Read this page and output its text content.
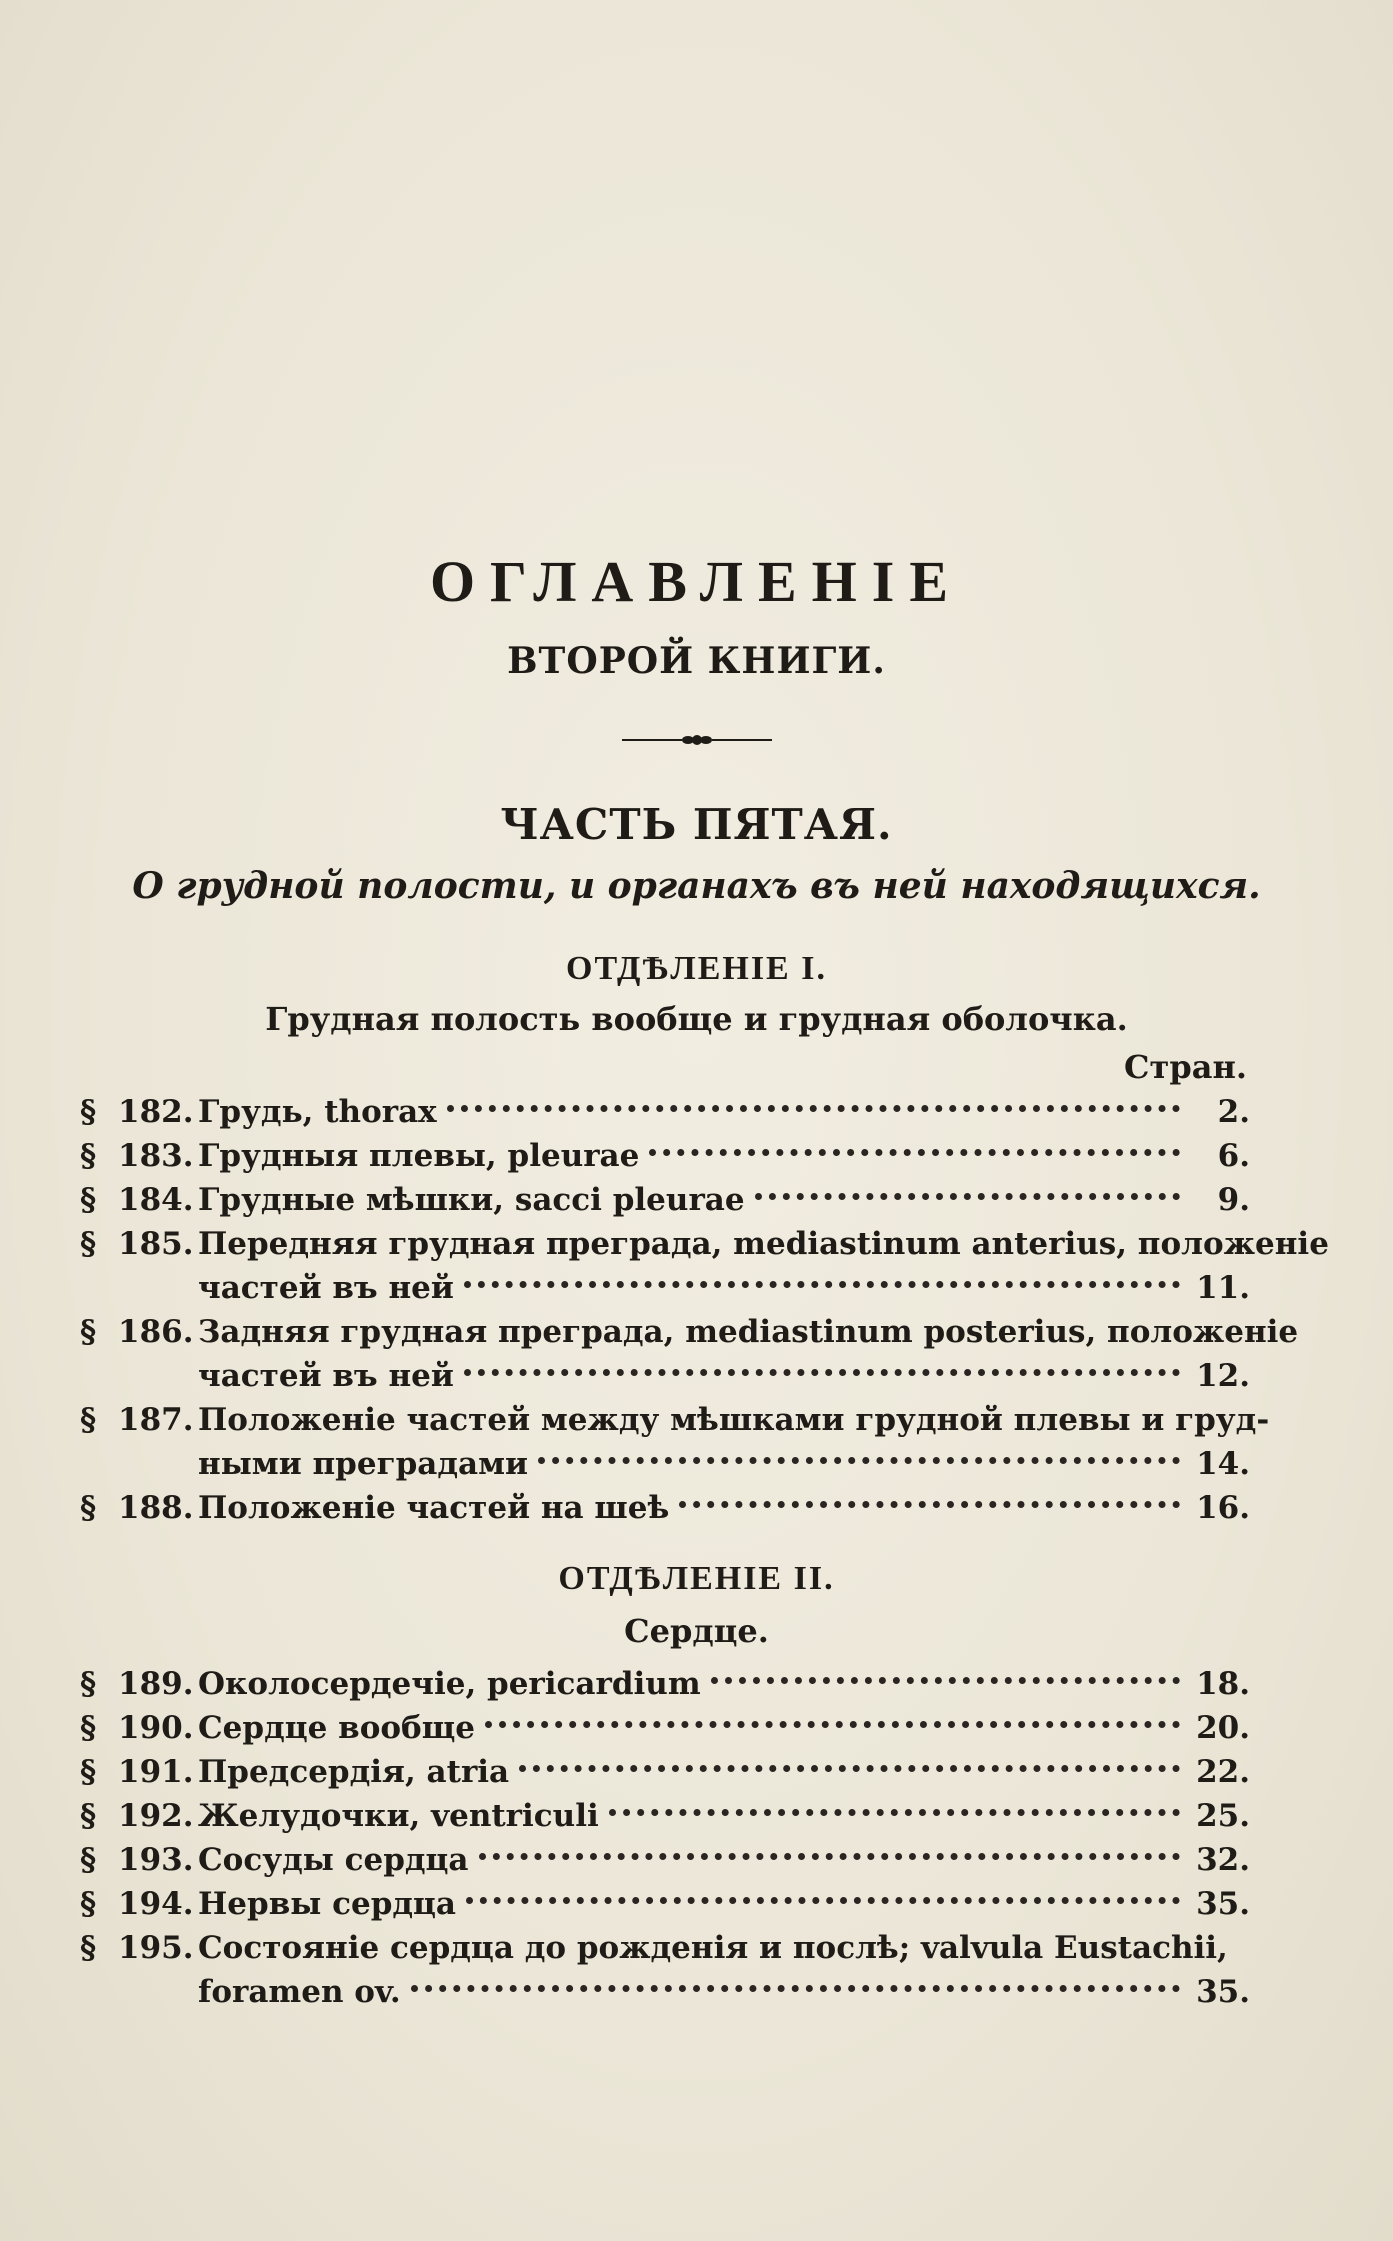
ОГЛАВЛЕНIЕ
ВТОРОЙ КНИГИ.
ЧАСТЬ ПЯТАЯ.
О грудной полости, и органахъ въ ней находящихся.
ОТДѢЛЕНIЕ I.
Грудная полость вообще и грудная оболочка.
Стран.
§ 182. Грудь, thorax	2.
§ 183. Грудныя плевы, pleurae	6.
§ 184. Грудные мѣшки, sacci pleurae	9.
§ 185. Передняя грудная преграда, mediastinum anterius, положенiе
частей въ ней	11.
§ 186. Задняя грудная преграда, mediastinum posterius, положенiе
частей въ ней	12.
§ 187. Положенiе частей между мѣшками грудной плевы и груд-
ными преградами	14.
§ 188. Положенiе частей на шеѣ	16.
ОТДѢЛЕНIЕ II.
Сердце.
§ 189. Околосердечiе, pericardium	18.
§ 190. Сердце вообще	20.
§ 191. Предсердiя, atria	22.
§ 192. Желудочки, ventriculi	25.
§ 193. Сосуды сердца	32.
§ 194. Нервы сердца	35.
§ 195. Состоянiе сердца до рожденiя и послѣ; valvula Eustachii,
foramen ov.	35.
